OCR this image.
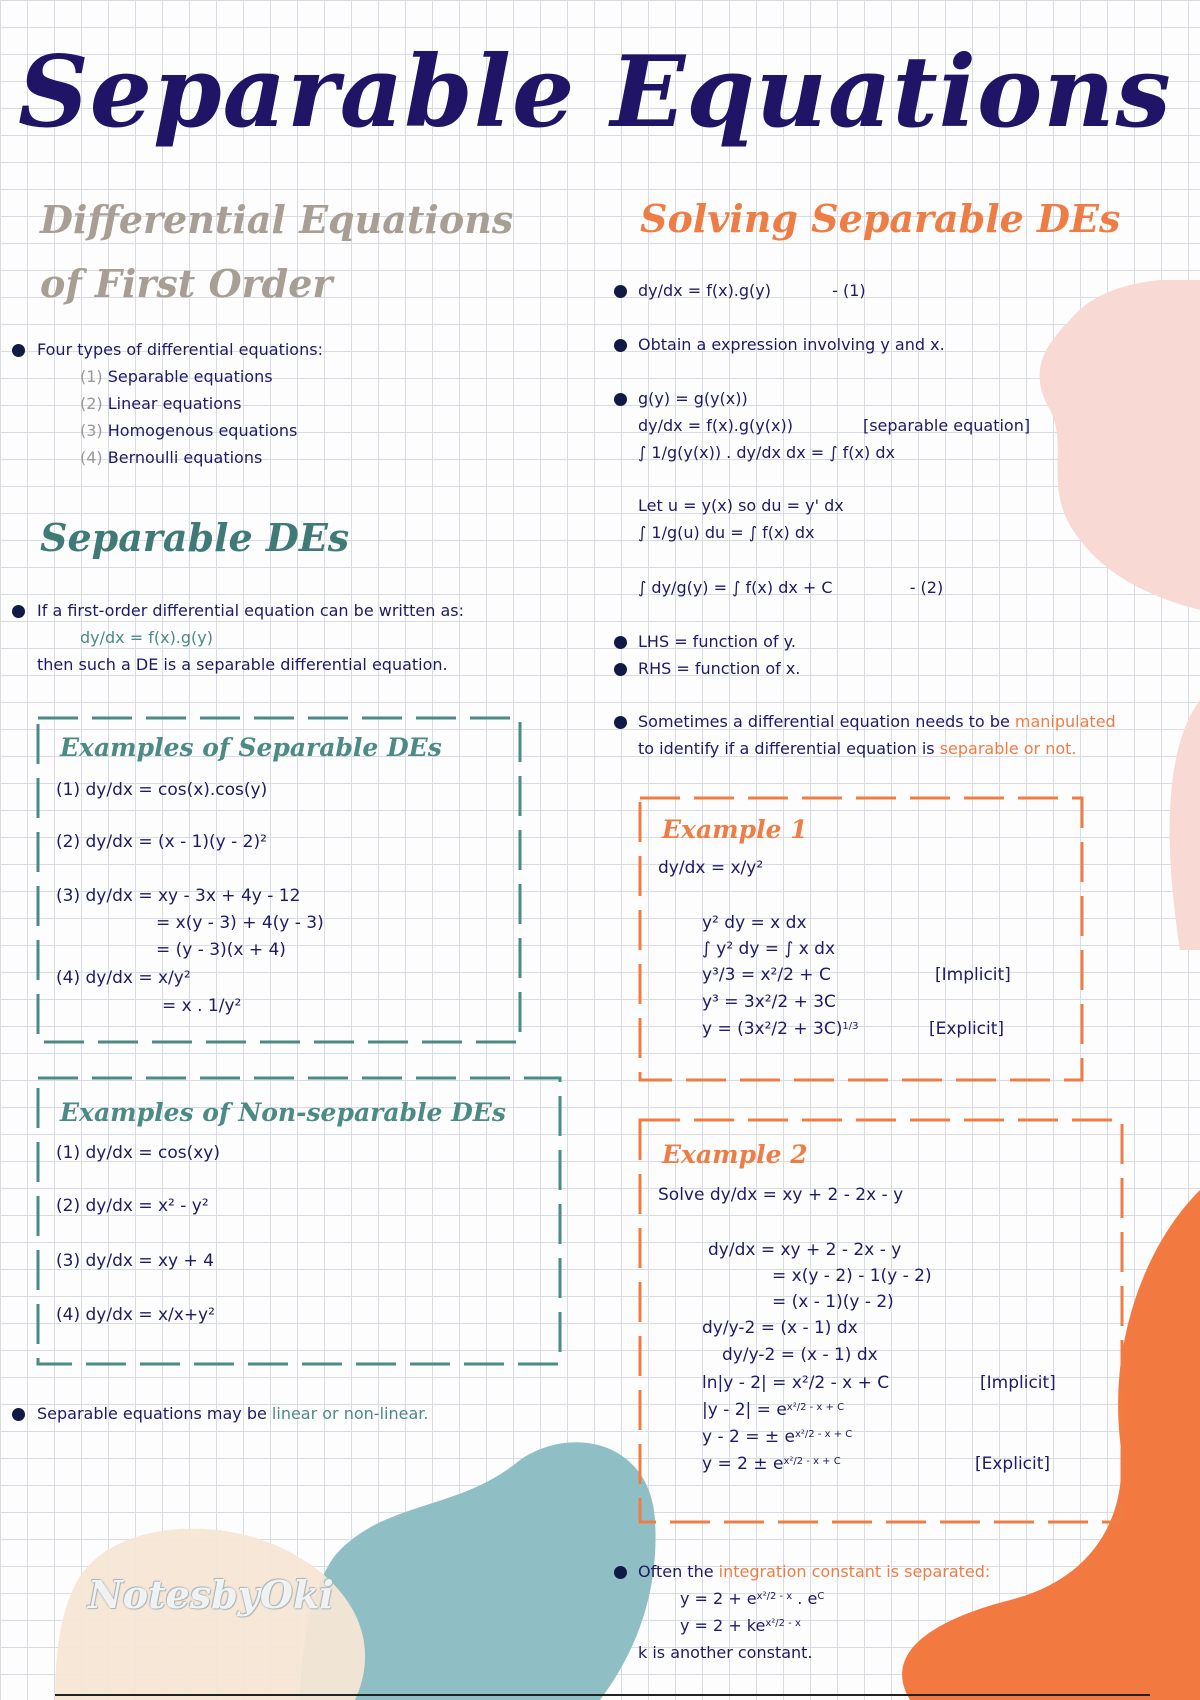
Separable Equations
Differential Equations
of First Order
Four types of differential equations:
(1) Separable equations
(2) Linear equations
(3) Homogenous equations
(4) Bernoulli equations
Separable DEs
If a first-order differential equation can be written as:
dy/dx = f(x).g(y)
then such a DE is a separable differential equation.
Examples of Separable DEs
(1) dy/dx = cos(x).cos(y)
(2) dy/dx = (x - 1)(y - 2)²
(3) dy/dx = xy - 3x + 4y - 12
= x(y - 3) + 4(y - 3)
= (y - 3)(x + 4)
(4) dy/dx = x/y²
= x . 1/y²
Examples of Non-separable DEs
(1) dy/dx = cos(xy)
(2) dy/dx = x² - y²
(3) dy/dx = xy + 4
(4) dy/dx = x/x+y²
Separable equations may be linear or non-linear.
NotesbyOki
Solving Separable DEs
dy/dx = f(x).g(y)	- (1)
Obtain a expression involving y and x.
g(y) = g(y(x))
dy/dx = f(x).g(y(x))	[separable equation]
∫ 1/g(y(x)) . dy/dx dx = ∫ f(x) dx
Let u = y(x) so du = y' dx
∫ 1/g(u) du = ∫ f(x) dx
∫ dy/g(y) = ∫ f(x) dx + C	- (2)
LHS = function of y.
RHS = function of x.
Sometimes a differential equation needs to be manipulated
to identify if a differential equation is separable or not.
Example 1
dy/dx = x/y²
y² dy = x dx
∫ y² dy = ∫ x dx
y³/3 = x²/2 + C	[Implicit]
y³ = 3x²/2 + 3C
$y = (3x^2/2 + 3C)^{1/3}$	[Explicit]
Example 2
Solve dy/dx = xy + 2 - 2x - y
dy/dx = xy + 2 - 2x - y
= x(y - 2) - 1(y - 2)
= (x - 1)(y - 2)
dy/y-2 = (x - 1) dx
dy/y-2 = (x - 1) dx
ln|y - 2| = x²/2 - x + C	[Implicit]
$|y - 2| = e^{x^2/2 - x + C}$
y - 2 = ± $e^{x^2/2 - x + C}$
$y = 2 \pm e^{x^2/2 - x + C}$	[Explicit]
Often the integration constant is separated:
$y = 2 + e^{x^2/2 - x}$ . $e^C$
$y = 2 + ke^{x^2/2 - x}$
k is another constant.
